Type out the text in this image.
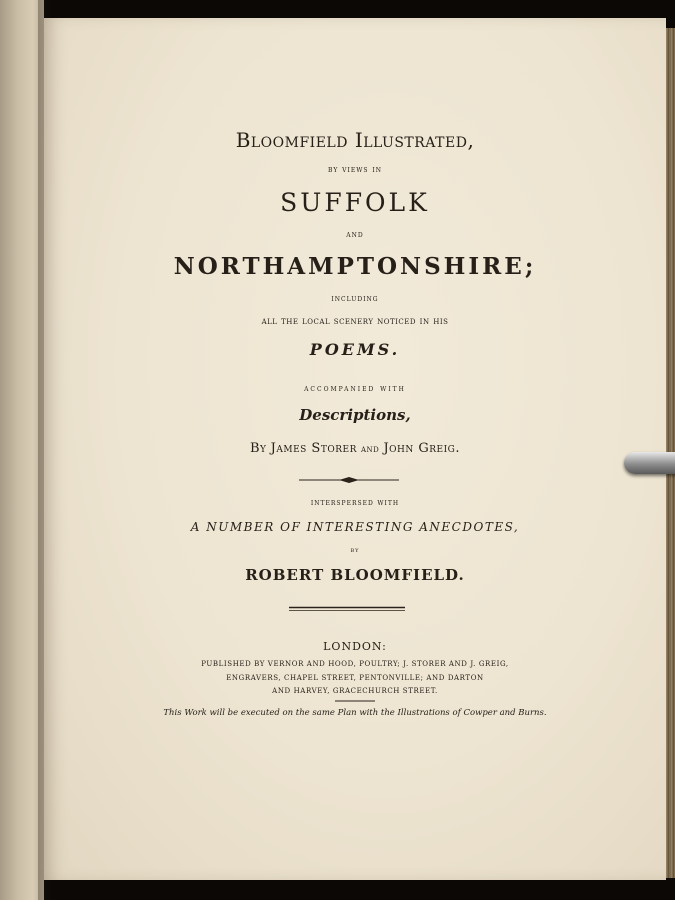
Bloomfield Illustrated,
by views in
SUFFOLK
and
NORTHAMPTONSHIRE;
including
all the local scenery noticed in his
POEMS.
accompanied with
Descriptions,
By James Storer and John Greig.
interspersed with
A NUMBER OF INTERESTING ANECDOTES,
by
ROBERT BLOOMFIELD.
LONDON:
PUBLISHED BY VERNOR AND HOOD, POULTRY; J. STORER AND J. GREIG,
ENGRAVERS, CHAPEL STREET, PENTONVILLE; AND DARTON
AND HARVEY, GRACECHURCH STREET.
This Work will be executed on the same Plan with the Illustrations of Cowper and Burns.
